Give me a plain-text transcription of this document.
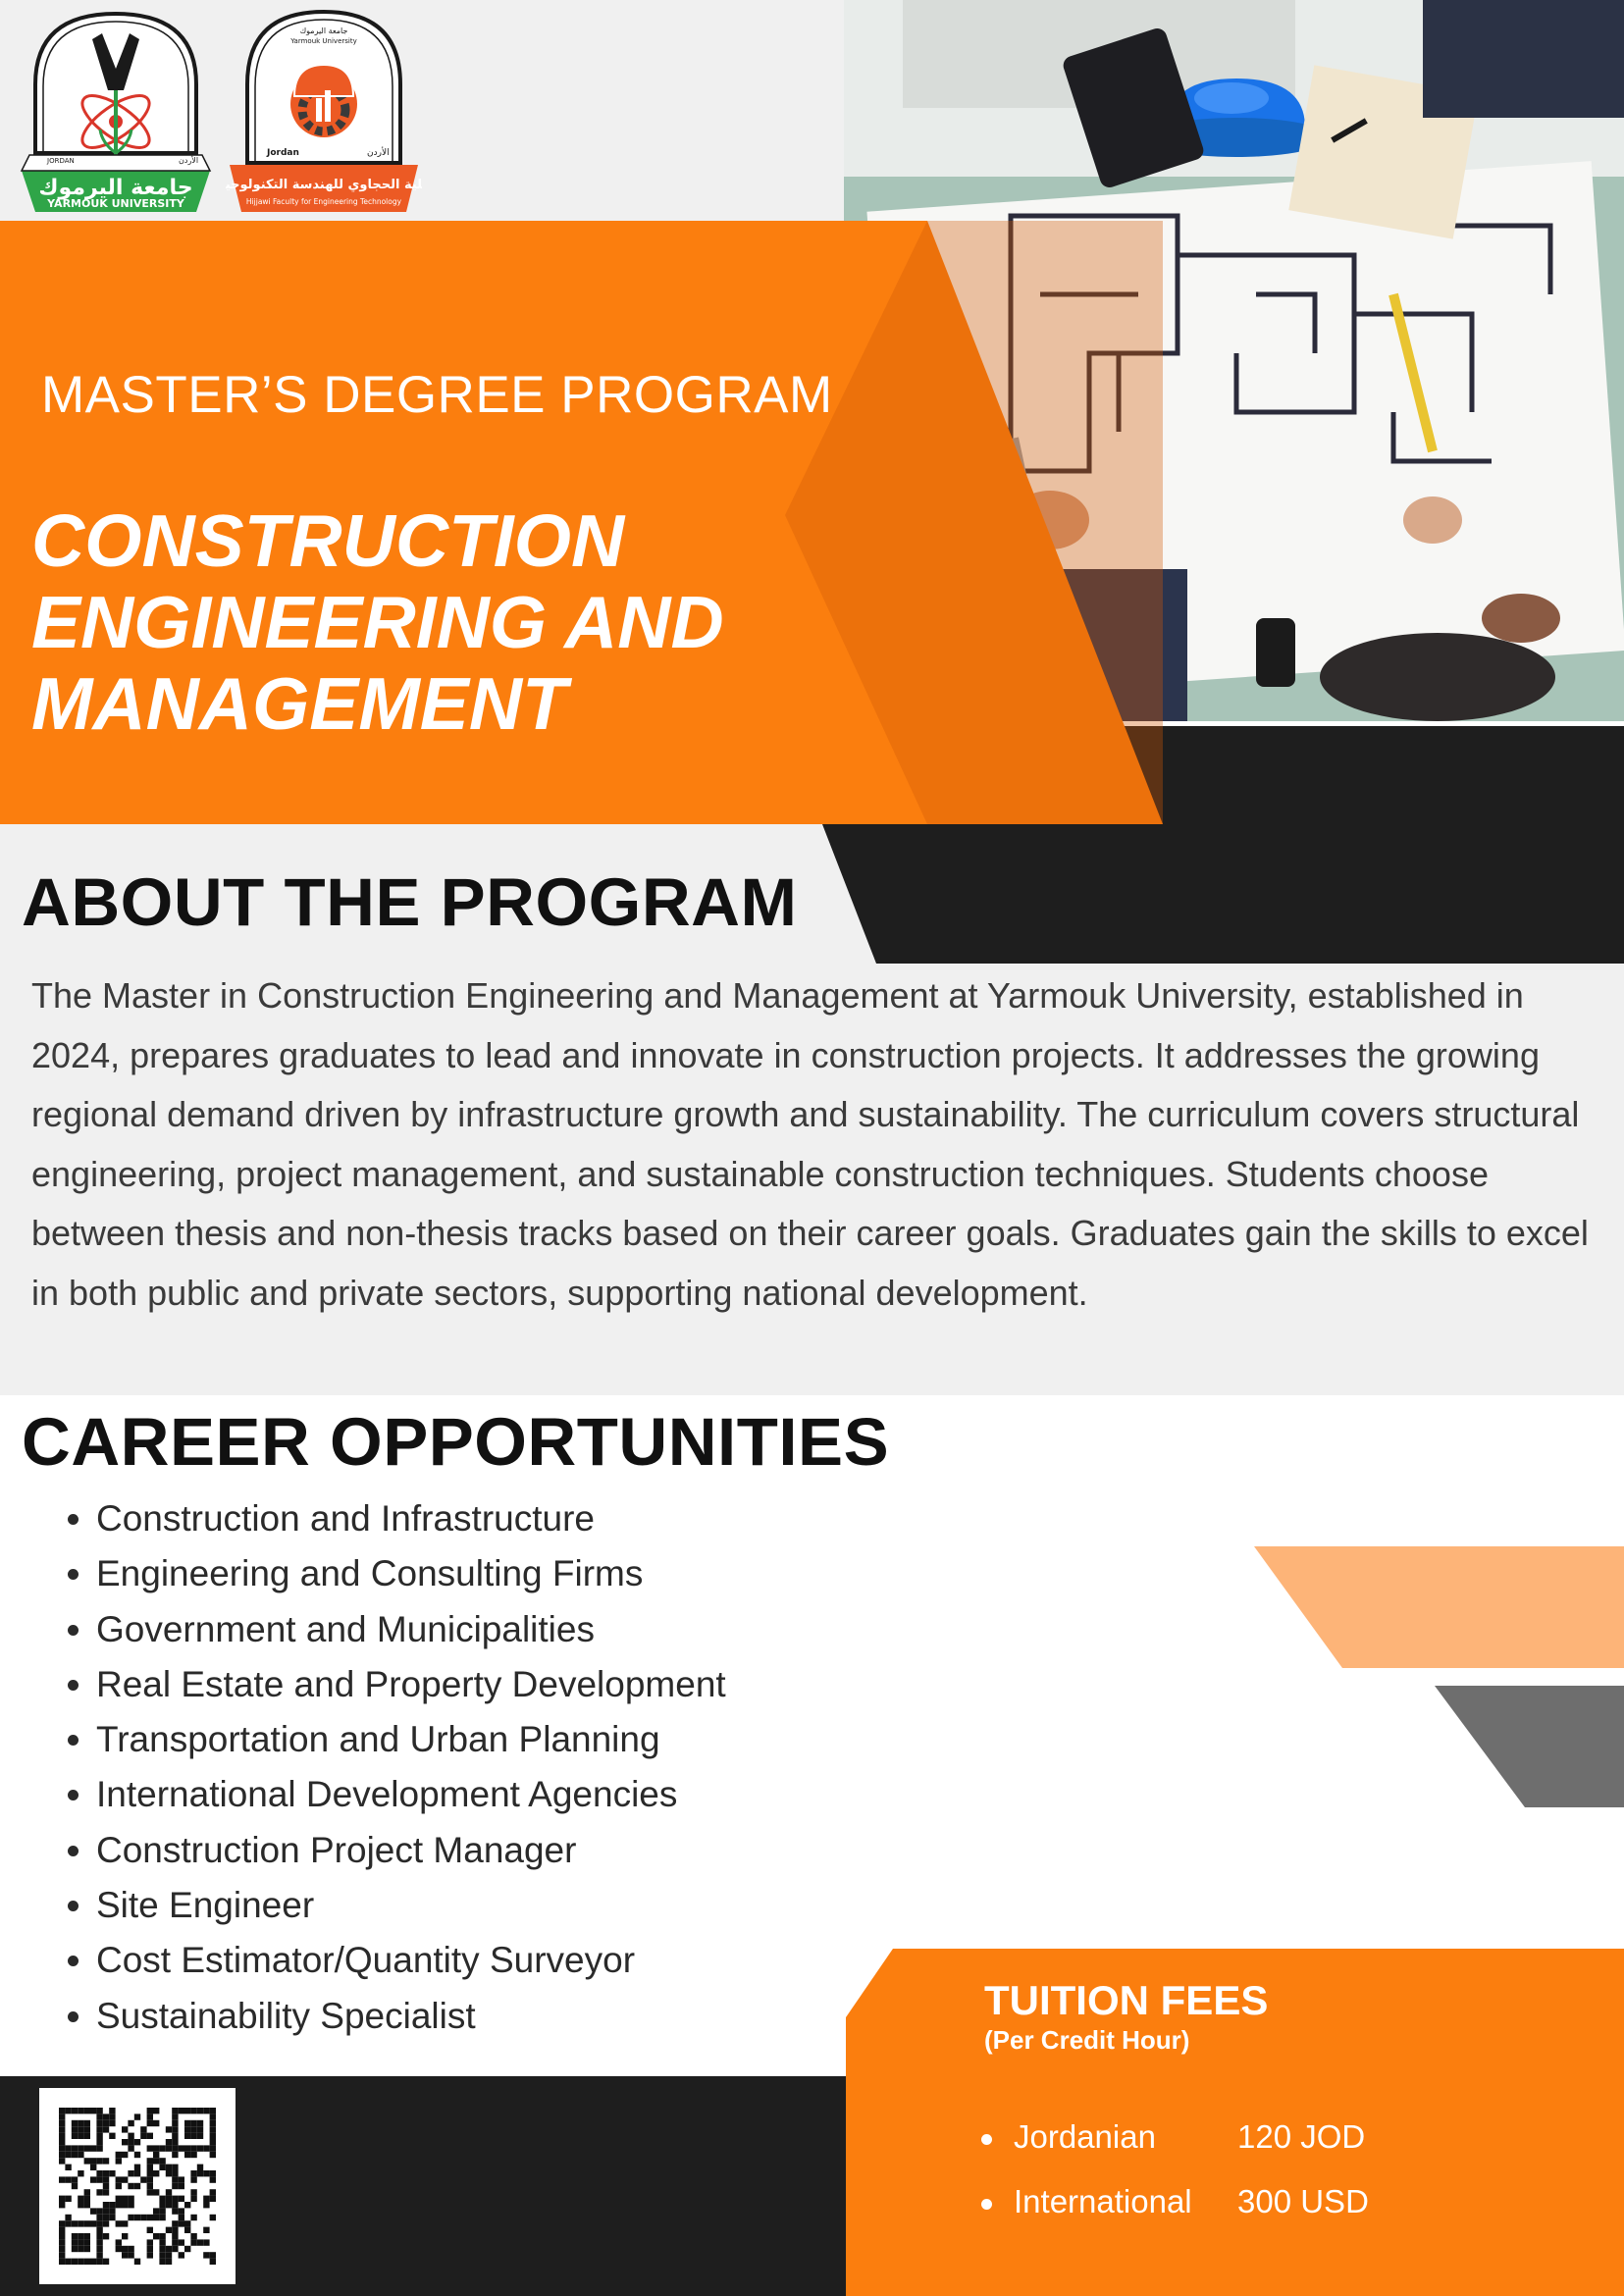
JORDAN	الأردن
جامعة اليرموك
YARMOUK UNIVERSITY
جامعة اليرموك
Yarmouk University
Jordan	الأردن
كلية الحجاوي للهندسة التكنولوجية
Hijjawi Faculty for Engineering Technology
MASTER’S DEGREE PROGRAM
CONSTRUCTION
ENGINEERING AND
MANAGEMENT
ABOUT THE PROGRAM
The Master in Construction Engineering and Management at Yarmouk University, established in 2024, prepares graduates to lead and innovate in construction projects. It addresses the growing regional demand driven by infrastructure growth and sustainability. The curriculum covers structural engineering, project management, and sustainable construction techniques. Students choose between thesis and non-thesis tracks based on their career goals. Graduates gain the skills to excel in both public and private sectors, supporting national development.
CAREER OPPORTUNITIES
• Construction and Infrastructure
• Engineering and Consulting Firms
• Government and Municipalities
• Real Estate and Property Development
• Transportation and Urban Planning
• International Development Agencies
• Construction Project Manager
• Site Engineer
• Cost Estimator/Quantity Surveyor
• Sustainability Specialist	TUITION FEES
(Per Credit Hour)
Jordanian	120 JOD
International 300 USD
